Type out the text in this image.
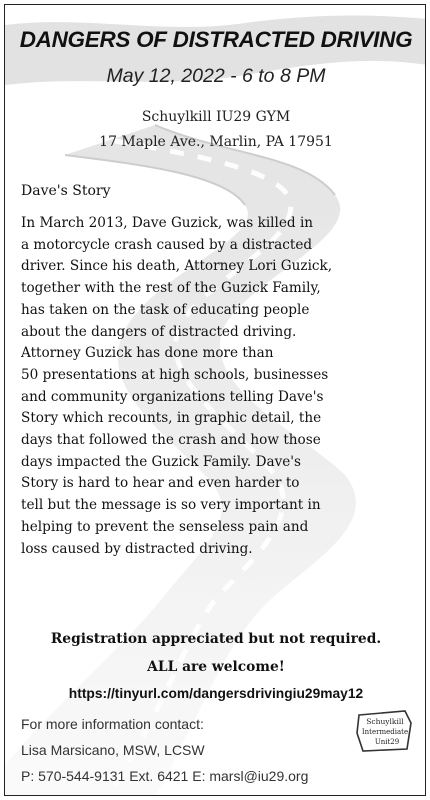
DANGERS OF DISTRACTED DRIVING
May 12, 2022 - 6 to 8 PM
Schuylkill IU29 GYM
17 Maple Ave., Marlin, PA 17951
Dave's Story
In March 2013, Dave Guzick, was killed in
a motorcycle crash caused by a distracted
driver. Since his death, Attorney Lori Guzick,
together with the rest of the Guzick Family,
has taken on the task of educating people
about the dangers of distracted driving.
Attorney Guzick has done more than
50 presentations at high schools, businesses
and community organizations telling Dave's
Story which recounts, in graphic detail, the
days that followed the crash and how those
days impacted the Guzick Family. Dave's
Story is hard to hear and even harder to
tell but the message is so very important in
helping to prevent the senseless pain and
loss caused by distracted driving.
Registration appreciated but not required.
ALL are welcome!
https://tinyurl.com/dangersdrivingiu29may12
For more information contact:
Lisa Marsicano, MSW, LCSW
P: 570-544-9131 Ext. 6421 E: marsl@iu29.org
Schuylkill
Intermediate
Unit29
